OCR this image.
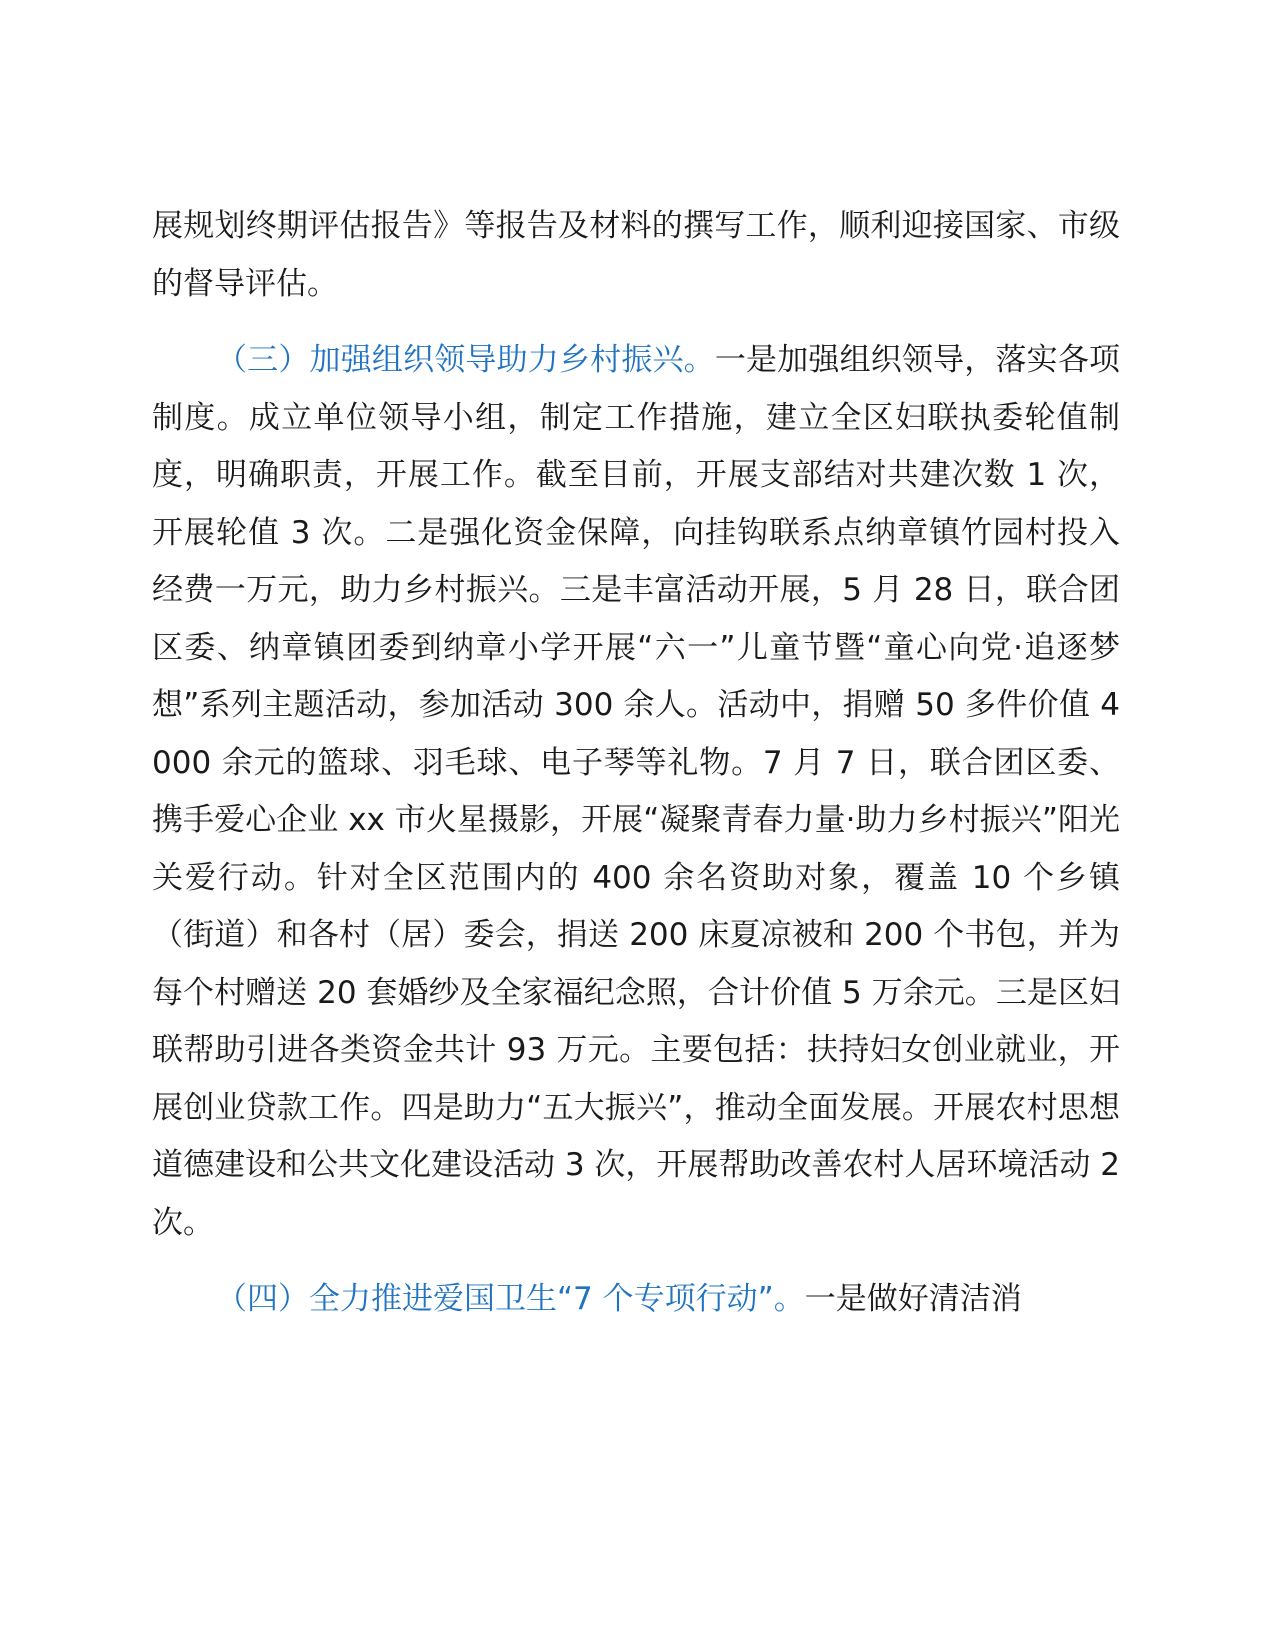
展规划终期评估报告》等报告及材料的撰写工作，顺利迎接国家、市级的督导评估。

（三）加强组织领导助力乡村振兴。一是加强组织领导，落实各项制度。成立单位领导小组，制定工作措施，建立全区妇联执委轮值制度，明确职责，开展工作。截至目前，开展支部结对共建次数 1 次，开展轮值 3 次。二是强化资金保障，向挂钩联系点纳章镇竹园村投入经费一万元，助力乡村振兴。三是丰富活动开展，5 月 28 日，联合团区委、纳章镇团委到纳章小学开展“六一”儿童节暨“童心向党·追逐梦想”系列主题活动，参加活动 300 余人。活动中，捐赠 50 多件价值 4000 余元的篮球、羽毛球、电子琴等礼物。7 月 7 日，联合团区委、携手爱心企业 xx 市火星摄影，开展“凝聚青春力量·助力乡村振兴”阳光关爱行动。针对全区范围内的 400 余名资助对象，覆盖 10 个乡镇（街道）和各村（居）委会，捐送 200 床夏凉被和 200 个书包，并为每个村赠送 20 套婚纱及全家福纪念照，合计价值 5 万余元。三是区妇联帮助引进各类资金共计 93 万元。主要包括：扶持妇女创业就业，开展创业贷款工作。四是助力“五大振兴”，推动全面发展。开展农村思想道德建设和公共文化建设活动 3 次，开展帮助改善农村人居环境活动 2 次。

（四）全力推进爱国卫生“7 个专项行动”。一是做好清洁消
